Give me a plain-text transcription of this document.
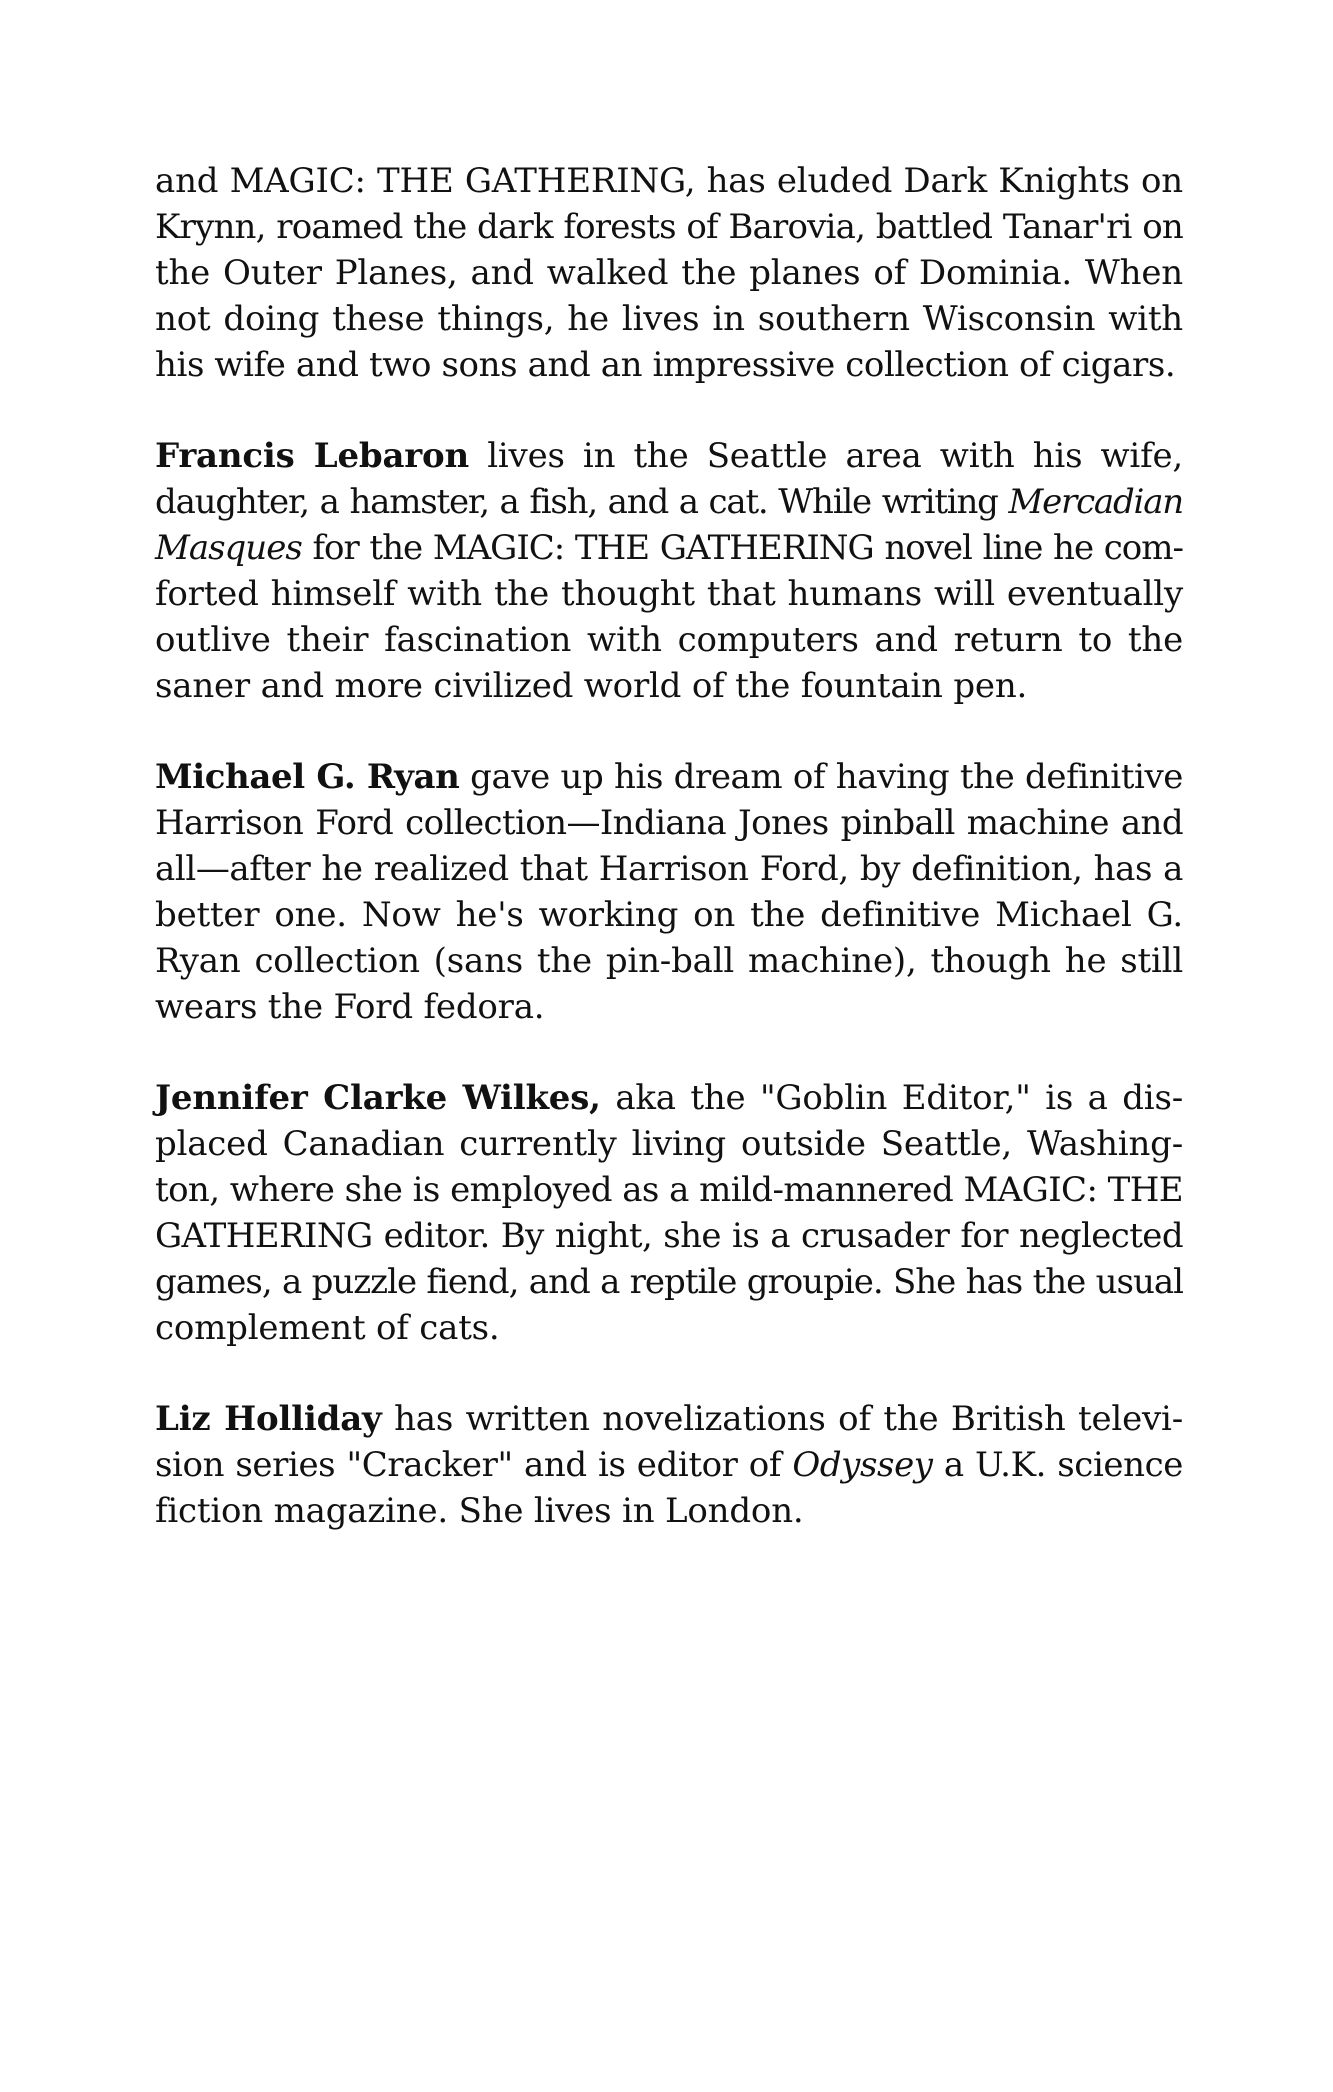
and MAGIC: THE GATHERING, has eluded Dark Knights on
Krynn, roamed the dark forests of Barovia, battled Tanar'ri on
the Outer Planes, and walked the planes of Dominia. When
not doing these things, he lives in southern Wisconsin with
his wife and two sons and an impressive collection of cigars.
Francis Lebaron lives in the Seattle area with his wife,
daughter, a hamster, a fish, and a cat. While writing Mercadian
Masques for the MAGIC: THE GATHERING novel line he com-
forted himself with the thought that humans will eventually
outlive their fascination with computers and return to the
saner and more civilized world of the fountain pen.
Michael G. Ryan gave up his dream of having the definitive
Harrison Ford collection—Indiana Jones pinball machine and
all—after he realized that Harrison Ford, by definition, has a
better one. Now he's working on the definitive Michael G.
Ryan collection (sans the pin-ball machine), though he still
wears the Ford fedora.
Jennifer Clarke Wilkes, aka the "Goblin Editor," is a dis-
placed Canadian currently living outside Seattle, Washing-
ton, where she is employed as a mild-mannered MAGIC: THE
GATHERING editor. By night, she is a crusader for neglected
games, a puzzle fiend, and a reptile groupie. She has the usual
complement of cats.
Liz Holliday has written novelizations of the British televi-
sion series "Cracker" and is editor of Odyssey a U.K. science
fiction magazine. She lives in London.
